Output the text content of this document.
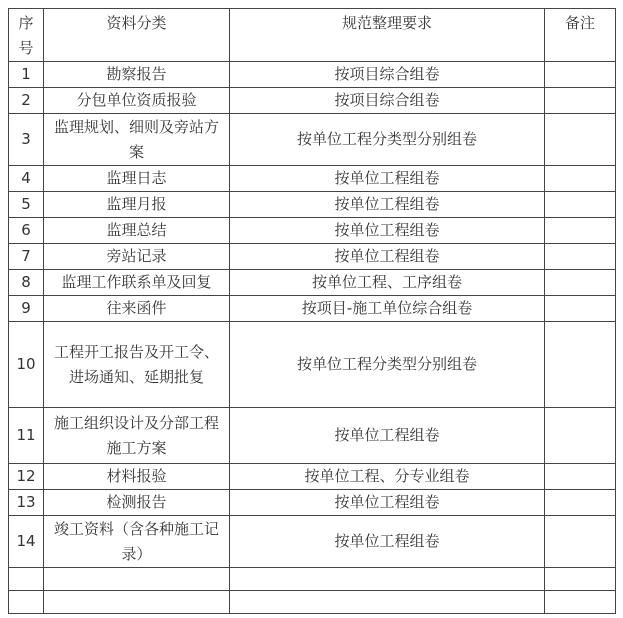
序号	资料分类	规范整理要求	备注
1	勘察报告	按项目综合组卷	
2	分包单位资质报验	按项目综合组卷	
3	监理规划、细则及旁站方案	按单位工程分类型分别组卷	
4	监理日志	按单位工程组卷	
5	监理月报	按单位工程组卷	
6	监理总结	按单位工程组卷	
7	旁站记录	按单位工程组卷	
8	监理工作联系单及回复	按单位工程、工序组卷	
9	往来函件	按项目-施工单位综合组卷	
10	工程开工报告及开工令、进场通知、延期批复	按单位工程分类型分别组卷	
11	施工组织设计及分部工程施工方案	按单位工程组卷	
12	材料报验	按单位工程、分专业组卷	
13	检测报告	按单位工程组卷	
14	竣工资料（含各种施工记录）	按单位工程组卷	
